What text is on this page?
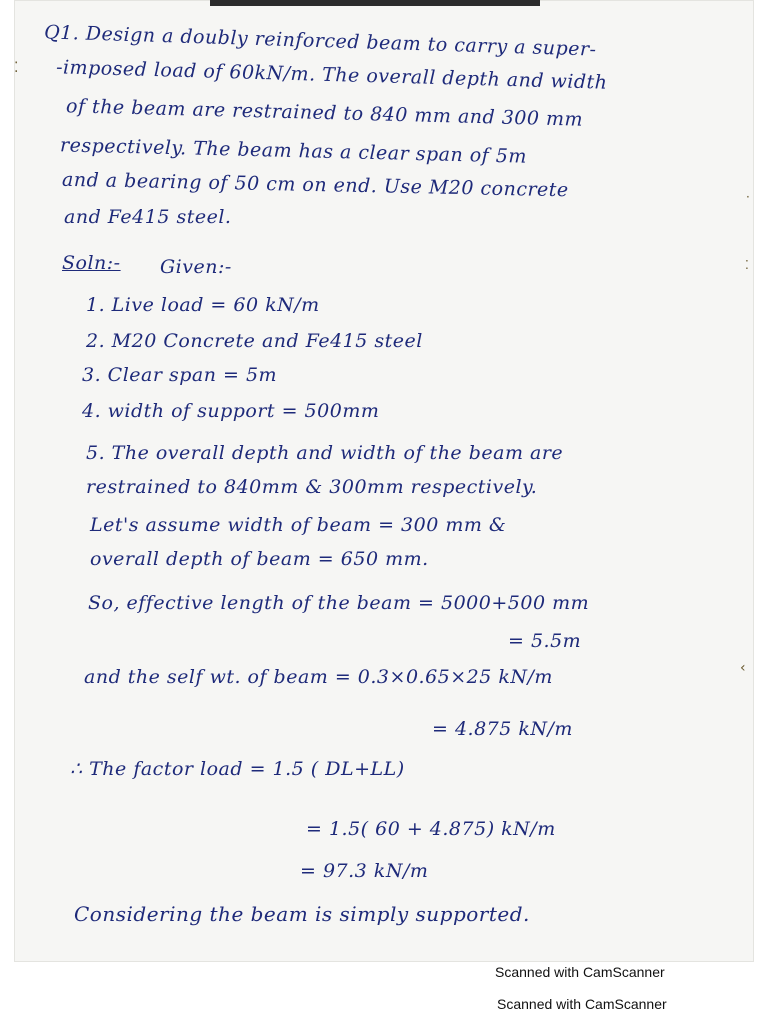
⁚
·
⁚
‹
Q1. Design a doubly reinforced beam to carry a super-
-imposed load of 60kN/m. The overall depth and width
of the beam are restrained to 840 mm and 300 mm
respectively. The beam has a clear span of 5m
and a bearing of 50 cm on end. Use M20 concrete
and Fe415 steel.
Soln:- Given:-
1. Live load = 60 kN/m
2. M20 Concrete and Fe415 steel
3. Clear span = 5m
4. width of support = 500mm
5. The overall depth and width of the beam are
restrained to 840mm & 300mm respectively.
Let's assume width of beam = 300 mm &
overall depth of beam = 650 mm.
So, effective length of the beam = 5000+500 mm
= 5.5m
and the self wt. of beam = 0.3×0.65×25 kN/m
= 4.875 kN/m
∴ The factor load = 1.5 ( DL+LL)
= 1.5( 60 + 4.875) kN/m
= 97.3 kN/m
Considering the beam is simply supported.
Scanned with CamScanner
Scanned with CamScanner
